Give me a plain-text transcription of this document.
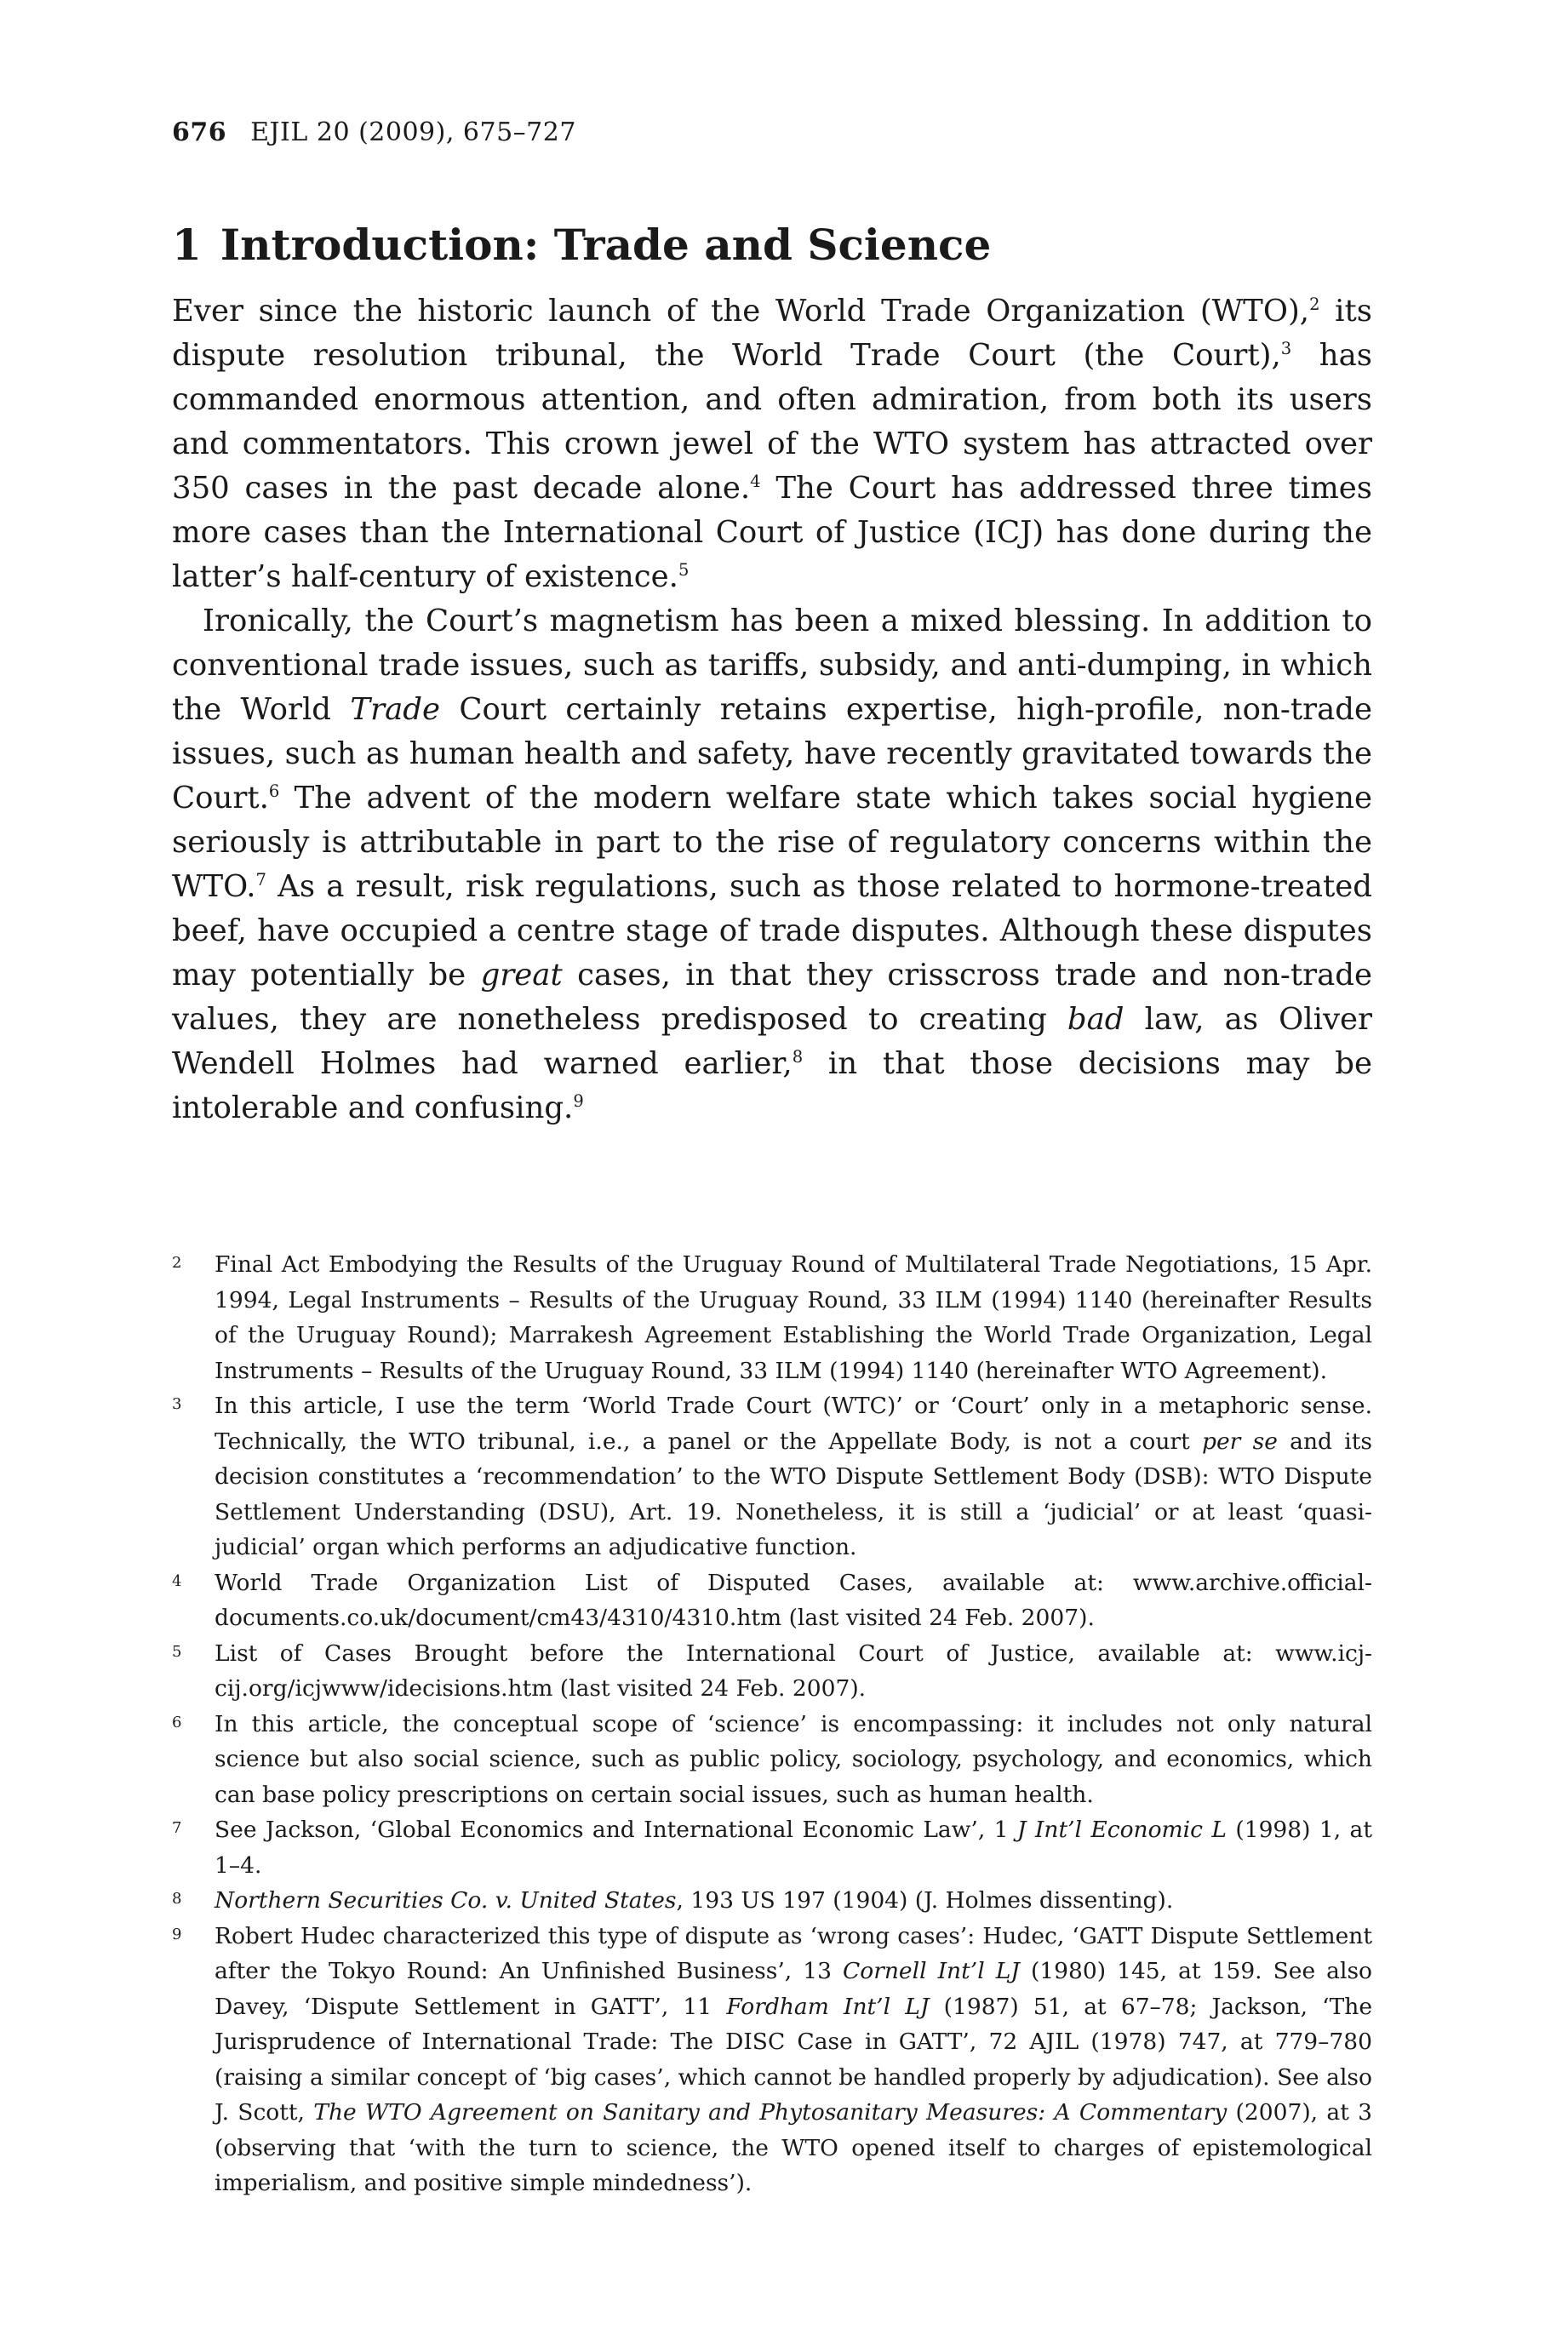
676 EJIL 20 (2009), 675–727
1 Introduction: Trade and Science

Ever since the historic launch of the World Trade Organization (WTO),$^2$ its dispute resolution tribunal, the World Trade Court (the Court),$^3$ has commanded enormous attention, and often admiration, from both its users and commentators. This crown jewel of the WTO system has attracted over 350 cases in the past decade alone.$^4$ The Court has addressed three times more cases than the International Court of Justice (ICJ) has done during the latter’s half-century of existence.$^5$

Ironically, the Court’s magnetism has been a mixed blessing. In addition to conventional trade issues, such as tariffs, subsidy, and anti-dumping, in which the World Trade Court certainly retains expertise, high-profile, non-trade issues, such as human health and safety, have recently gravitated towards the Court.$^6$ The advent of the modern welfare state which takes social hygiene seriously is attributable in part to the rise of regulatory concerns within the WTO.$^7$ As a result, risk regulations, such as those related to hormone-treated beef, have occupied a centre stage of trade disputes. Although these disputes may potentially be great cases, in that they crisscross trade and non-trade values, they are nonetheless predisposed to creating bad law, as Oliver Wendell Holmes had warned earlier,$^8$ in that those decisions may be intolerable and confusing.$^9$

2 Final Act Embodying the Results of the Uruguay Round of Multilateral Trade Negotiations, 15 Apr. 1994, Legal Instruments – Results of the Uruguay Round, 33 ILM (1994) 1140 (hereinafter Results of the Uruguay Round); Marrakesh Agreement Establishing the World Trade Organization, Legal Instruments – Results of the Uruguay Round, 33 ILM (1994) 1140 (hereinafter WTO Agreement).
3 In this article, I use the term ‘World Trade Court (WTC)’ or ‘Court’ only in a metaphoric sense. Technically, the WTO tribunal, i.e., a panel or the Appellate Body, is not a court per se and its decision constitutes a ‘recommendation’ to the WTO Dispute Settlement Body (DSB): WTO Dispute Settlement Understanding (DSU), Art. 19. Nonetheless, it is still a ‘judicial’ or at least ‘quasi-judicial’ organ which performs an adjudicative function.
4 World Trade Organization List of Disputed Cases, available at: www.archive.official-documents.co.uk/document/cm43/4310/4310.htm (last visited 24 Feb. 2007).
5 List of Cases Brought before the International Court of Justice, available at: www.icj-cij.org/icjwww/idecisions.htm (last visited 24 Feb. 2007).
6 In this article, the conceptual scope of ‘science’ is encompassing: it includes not only natural science but also social science, such as public policy, sociology, psychology, and economics, which can base policy prescriptions on certain social issues, such as human health.
7 See Jackson, ‘Global Economics and International Economic Law’, 1 J Int’l Economic L (1998) 1, at 1–4.
8 Northern Securities Co. v. United States, 193 US 197 (1904) (J. Holmes dissenting).
9 Robert Hudec characterized this type of dispute as ‘wrong cases’: Hudec, ‘GATT Dispute Settlement after the Tokyo Round: An Unfinished Business’, 13 Cornell Int’l LJ (1980) 145, at 159. See also Davey, ‘Dispute Settlement in GATT’, 11 Fordham Int’l LJ (1987) 51, at 67–78; Jackson, ‘The Jurisprudence of International Trade: The DISC Case in GATT’, 72 AJIL (1978) 747, at 779–780 (raising a similar concept of ‘big cases’, which cannot be handled properly by adjudication). See also J. Scott, The WTO Agreement on Sanitary and Phytosanitary Measures: A Commentary (2007), at 3 (observing that ‘with the turn to science, the WTO opened itself to charges of epistemological imperialism, and positive simple mindedness’).
